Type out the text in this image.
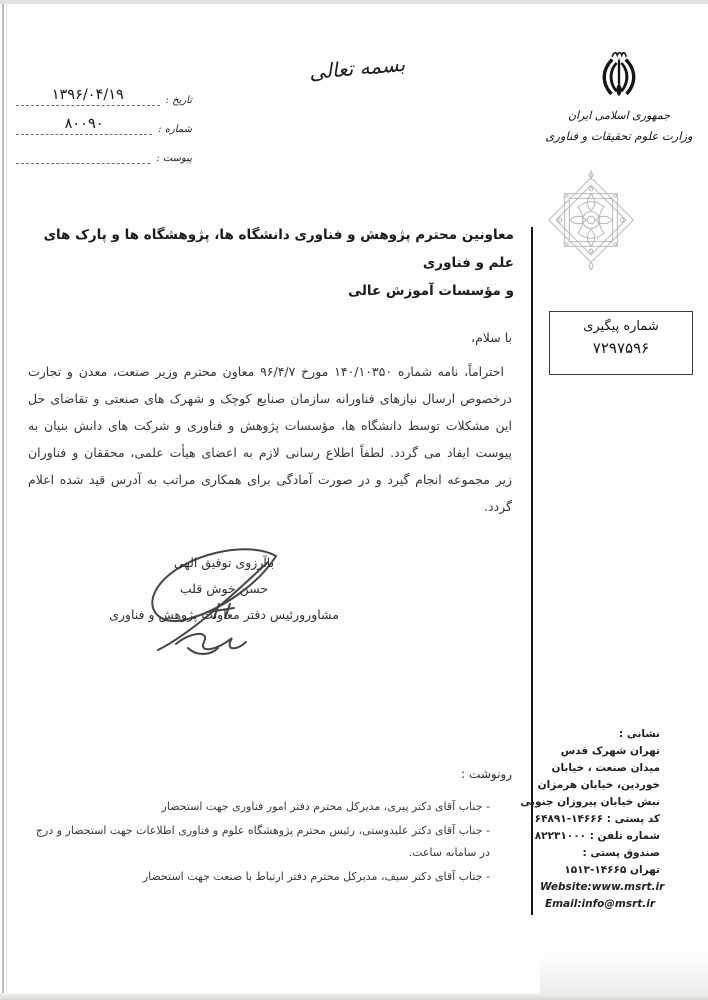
بسمه تعالی
جمهوری اسلامی ایران
وزارت علوم تحقیقات و فناوری
تاریخ :
۱۳۹۶/۰۴/۱۹
شماره :
۸۰۰۹۰
پیوست :
معاونین محترم پژوهش و فناوری دانشگاه ها، پژوهشگاه ها و پارک های علم و فناوری
و مؤسسات آموزش عالی
شماره پیگیری
۷۲۹۷۵۹۶
با سلام،
احتراماً، نامه شماره ۱۴۰/۱۰۳۵۰ مورخ ۹۶/۴/۷ معاون محترم وزیر صنعت، معدن و تجارت درخصوص ارسال نیازهای فناورانه سازمان صنایع کوچک و شهرک های صنعتی و تقاضای حل این مشکلات توسط دانشگاه ها، مؤسسات پژوهش و فناوری و شرکت های دانش بنیان به پیوست ایفاد می گردد. لطفاً اطلاع رسانی لازم به اعضای هیأت علمی، محققان و فناوران زیر مجموعه انجام گیرد و در صورت آمادگی برای همکاری مراتب به آدرس قید شده اعلام گردد.
باآرزوی توفیق الهی
حسن خوش قلب
مشاورورئیس دفتر معاونت پژوهش و فناوری
رونوشت :
- جناب آقای دکتر پیری، مدیرکل محترم دفتر امور فناوری جهت استحضار
- جناب آقای دکتر علیدوستی، رئیس محترم پژوهشگاه علوم و فناوری اطلاعات جهت استحضار و درج در سامانه ساعت.
- جناب آقای دکتر سیف، مدیرکل محترم دفتر ارتباط با صنعت جهت استحضار
نشانی :
تهران شهرک قدس
میدان صنعت ، خیابان
خوردین، خیابان هرمزان
نبش خیابان پیروزان جنوبی
کد پستی : ۱۴۶۶۶-۶۴۸۹۱
شماره تلفن : ۸۲۲۳۱۰۰۰
صندوق پستی :
تهران ۱۴۶۶۵-۱۵۱۳
Website:www.msrt.ir
Email:info@msrt.ir
